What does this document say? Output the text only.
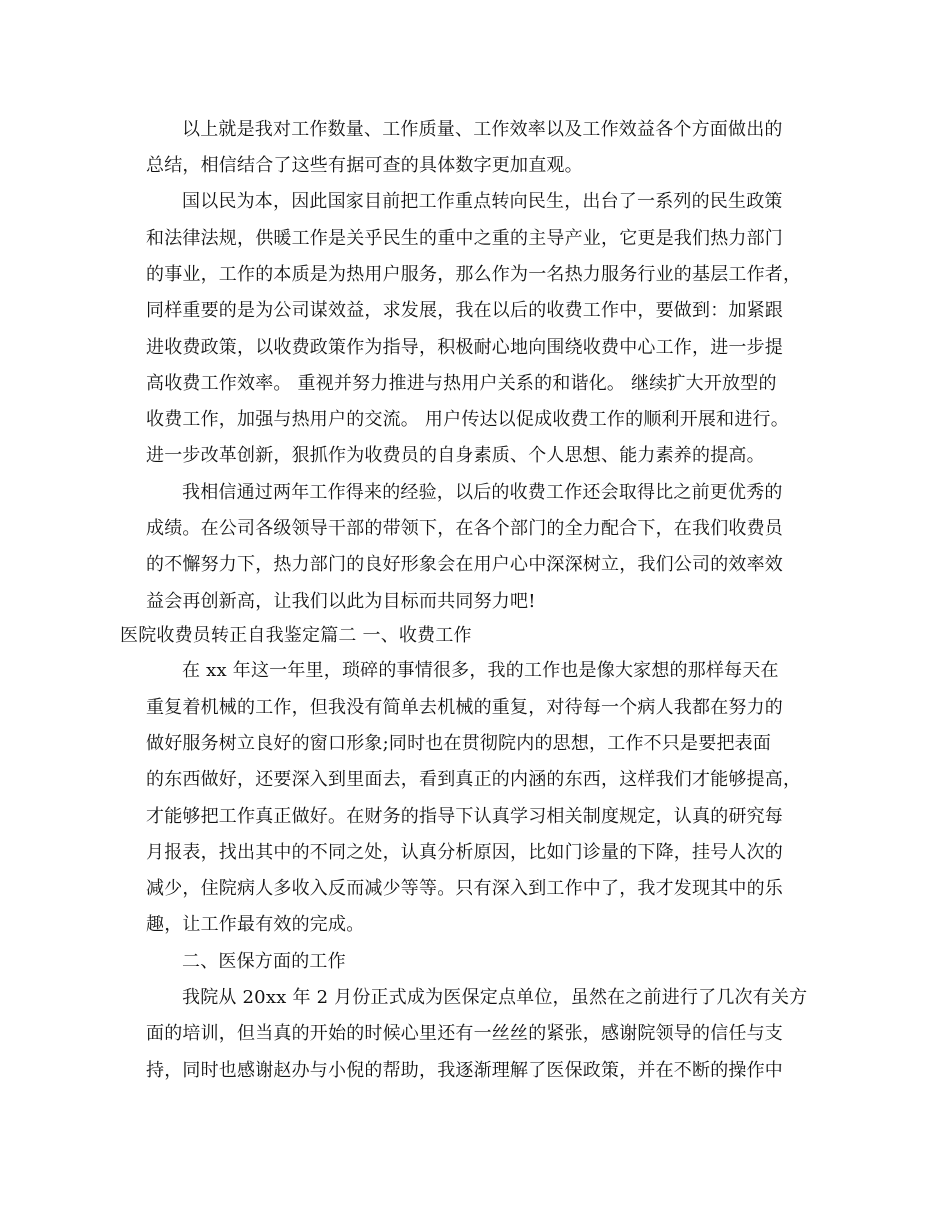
以上就是我对工作数量、工作质量、工作效率以及工作效益各个方面做出的
总结，相信结合了这些有据可查的具体数字更加直观。
国以民为本，因此国家目前把工作重点转向民生，出台了一系列的民生政策
和法律法规，供暖工作是关乎民生的重中之重的主导产业，它更是我们热力部门
的事业，工作的本质是为热用户服务，那么作为一名热力服务行业的基层工作者，
同样重要的是为公司谋效益，求发展，我在以后的收费工作中，要做到：加紧跟
进收费政策，以收费政策作为指导，积极耐心地向围绕收费中心工作，进一步提
高收费工作效率。 重视并努力推进与热用户关系的和谐化。 继续扩大开放型的
收费工作，加强与热用户的交流。 用户传达以促成收费工作的顺利开展和进行。
进一步改革创新，狠抓作为收费员的自身素质、个人思想、能力素养的提高。
我相信通过两年工作得来的经验，以后的收费工作还会取得比之前更优秀的
成绩。在公司各级领导干部的带领下，在各个部门的全力配合下，在我们收费员
的不懈努力下，热力部门的良好形象会在用户心中深深树立，我们公司的效率效
益会再创新高，让我们以此为目标而共同努力吧!
医院收费员转正自我鉴定篇二 一、收费工作
在 xx 年这一年里，琐碎的事情很多，我的工作也是像大家想的那样每天在
重复着机械的工作，但我没有简单去机械的重复，对待每一个病人我都在努力的
做好服务树立良好的窗口形象;同时也在贯彻院内的思想，工作不只是要把表面
的东西做好，还要深入到里面去，看到真正的内涵的东西，这样我们才能够提高，
才能够把工作真正做好。在财务的指导下认真学习相关制度规定，认真的研究每
月报表，找出其中的不同之处，认真分析原因，比如门诊量的下降，挂号人次的
减少，住院病人多收入反而减少等等。只有深入到工作中了，我才发现其中的乐
趣，让工作最有效的完成。
二、医保方面的工作
我院从 20xx 年 2 月份正式成为医保定点单位，虽然在之前进行了几次有关方
面的培训，但当真的开始的时候心里还有一丝丝的紧张，感谢院领导的信任与支
持，同时也感谢赵办与小倪的帮助，我逐渐理解了医保政策，并在不断的操作中
